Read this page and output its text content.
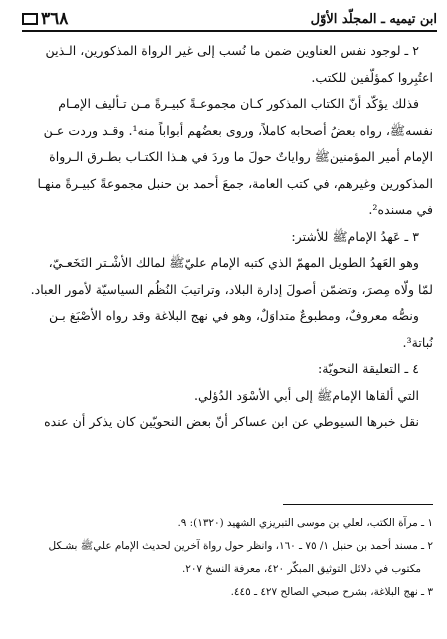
٣٦٨	ابن تيميه ـ المجلّد الأوّل

٢ ـ لوجود نفس العناوين ضمن ما نُسب إلى غير الرواة المذكورين، الـذين

اعتُبِروا كمؤلّفين للكتب.

فذلك يؤكّد أنّ الكتاب المذكور كـان مجموعـةً كبيـرةً مـن تـأليف الإمـام

نفسه‌ﷺ، رواه بعضُ أصحابه كاملاً، وروى بعضُهم أبواباً منه¹. وقـد وردت عـن

الإمام أمير المؤمنين‌ﷺ رواياتٌ حولَ ما وردَ في هـذا الكتـاب بطـرق الـرواة

المذكورين وغيرهم، في كتب العامة، جمعَ أحمد بن حنبل مجموعةً كبيـرةً منهـا

في مسنده².

٣ ـ عَهدُ الإمام‌ﷺ للأشتر:

وهو العَهدُ الطويل المهمّ الذي كتبه الإمام عليّ‌ﷺ لمالك الأشْـتر النَخَعـيّ،

لمّا ولّاه مِصرَ، وتضمّن أصولَ إدارة البلاد، وتراتيبَ النُظُم السياسيّة لأمور العباد.

ونصُّه معروفٌ، ومطبوعٌ متداوَلٌ، وهو في نهج البلاغة وقد رواه الأصْبَغ بـن

نُباتة³.

٤ ـ التعليقة النحويّة:

التي ألقاها الإمام‌ﷺ إلى أبي الأسْوَد الدُؤلي.

نقل خبرها السيوطي عن ابن عساكر أنّ بعض النحويّين كان يذكر أن عنده

١ ـ مرآة الكتب، لعلي بن موسى التبريزي الشهيد (١٣٢٠): ٩.

٢ ـ مسند أحمد بن حنبل ١/ ٧٥ ـ ١٦٠، وانظر حول رواة آخرين لحديث الإمام علي‌ﷺ بشـكل

مكتوب في دلائل التوثيق المبكّر ٤٢٠، معرفة النسخ ٢٠٧.

٣ ـ نهج البلاغة، بشرح صبحي الصالح ٤٢٧ ـ ٤٤٥.
